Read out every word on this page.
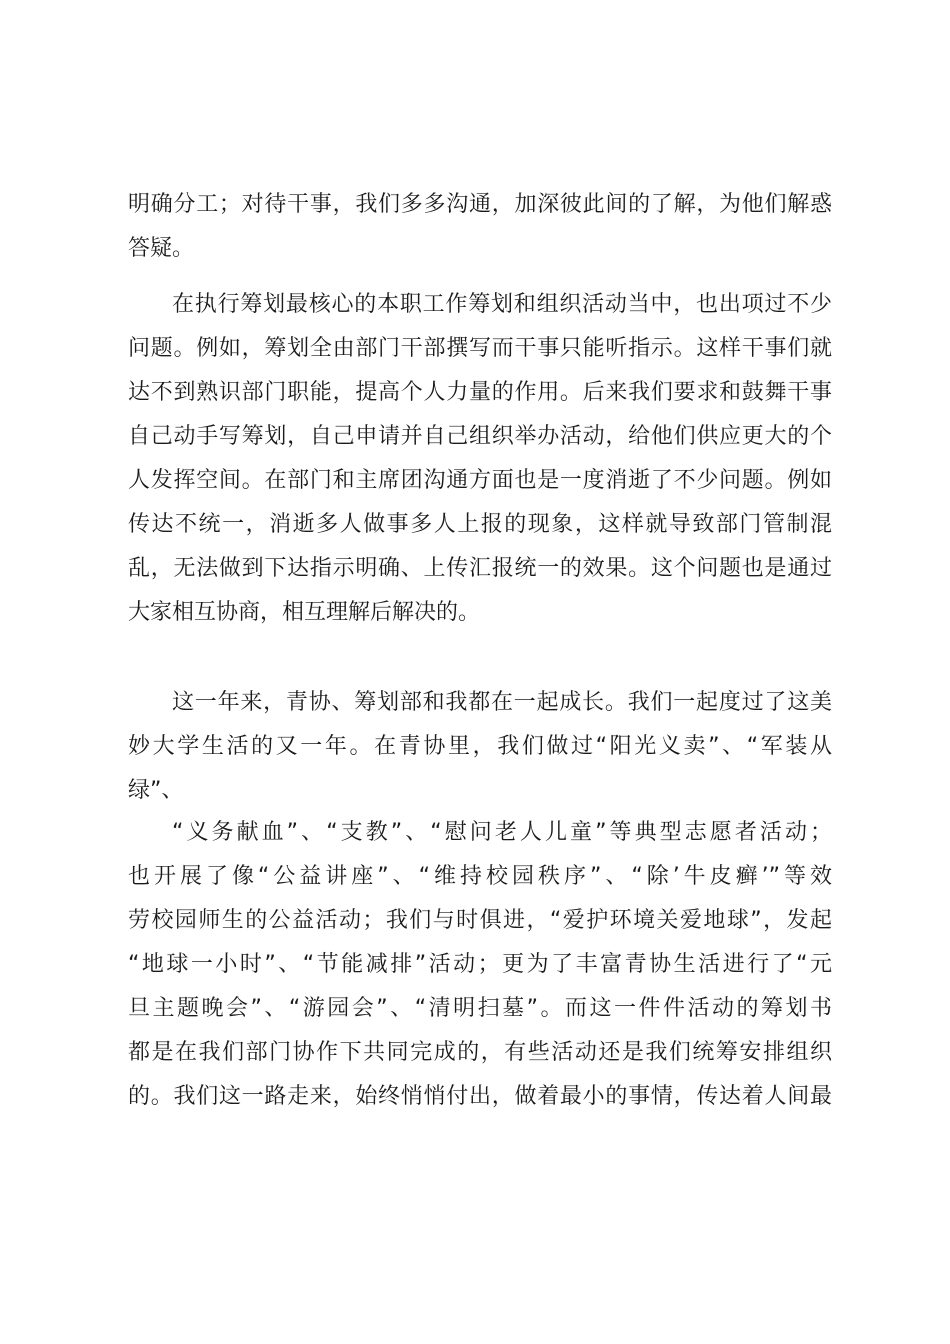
明确分工；对待干事，我们多多沟通，加深彼此间的了解，为他们解惑
答疑。
在执行筹划最核心的本职工作筹划和组织活动当中，也出项过不少
问题。例如，筹划全由部门干部撰写而干事只能听指示。这样干事们就
达不到熟识部门职能，提高个人力量的作用。后来我们要求和鼓舞干事
自己动手写筹划，自己申请并自己组织举办活动，给他们供应更大的个
人发挥空间。在部门和主席团沟通方面也是一度消逝了不少问题。例如
传达不统一，消逝多人做事多人上报的现象，这样就导致部门管制混
乱，无法做到下达指示明确、上传汇报统一的效果。这个问题也是通过
大家相互协商，相互理解后解决的。
这一年来，青协、筹划部和我都在一起成长。我们一起度过了这美
妙大学生活的又一年。在青协里，我们做过“阳光义卖”、“军装从
绿”、
“义务献血”、“支教”、“慰问老人儿童”等典型志愿者活动；
也开展了像“公益讲座”、“维持校园秩序”、“除’牛皮癣’”等效
劳校园师生的公益活动；我们与时俱进，“爱护环境关爱地球”，发起
“地球一小时”、“节能减排”活动；更为了丰富青协生活进行了“元
旦主题晚会”、“游园会”、“清明扫墓”。而这一件件活动的筹划书
都是在我们部门协作下共同完成的，有些活动还是我们统筹安排组织
的。我们这一路走来，始终悄悄付出，做着最小的事情，传达着人间最
